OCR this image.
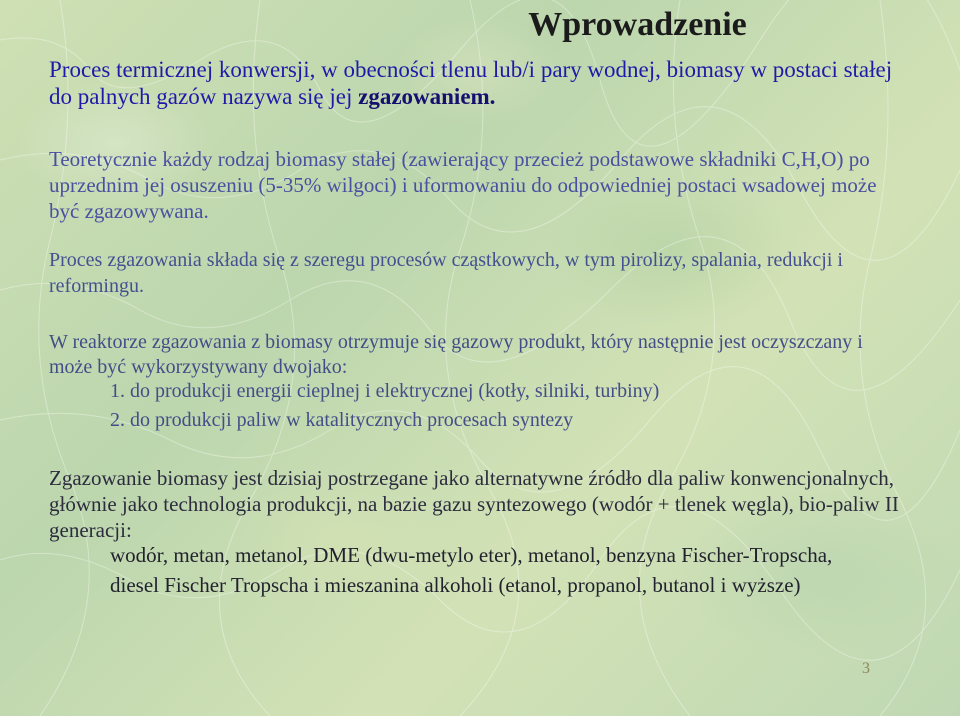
Wprowadzenie
Proces termicznej konwersji, w obecności tlenu lub/i pary wodnej, biomasy w postaci stałej do palnych gazów nazywa się jej zgazowaniem.
Teoretycznie każdy rodzaj biomasy stałej (zawierający przecież podstawowe składniki C,H,O) po uprzednim jej osuszeniu (5-35% wilgoci) i uformowaniu do odpowiedniej postaci wsadowej może być zgazowywana.
Proces zgazowania składa się z szeregu procesów cząstkowych, w tym pirolizy, spalania, redukcji i reformingu.
W reaktorze zgazowania z biomasy otrzymuje się gazowy produkt, który następnie jest oczyszczany i może być wykorzystywany dwojako:
1. do produkcji energii cieplnej i elektrycznej (kotły, silniki, turbiny)
2. do produkcji paliw w katalitycznych procesach syntezy
Zgazowanie biomasy jest dzisiaj postrzegane jako alternatywne źródło dla paliw konwencjonalnych, głównie jako technologia produkcji, na bazie gazu syntezowego (wodór + tlenek węgla), bio-paliw II generacji:
wodór, metan, metanol, DME (dwu-metylo eter), metanol, benzyna Fischer-Tropscha, diesel Fischer Tropscha i mieszanina alkoholi (etanol, propanol, butanol i wyższe)
3
